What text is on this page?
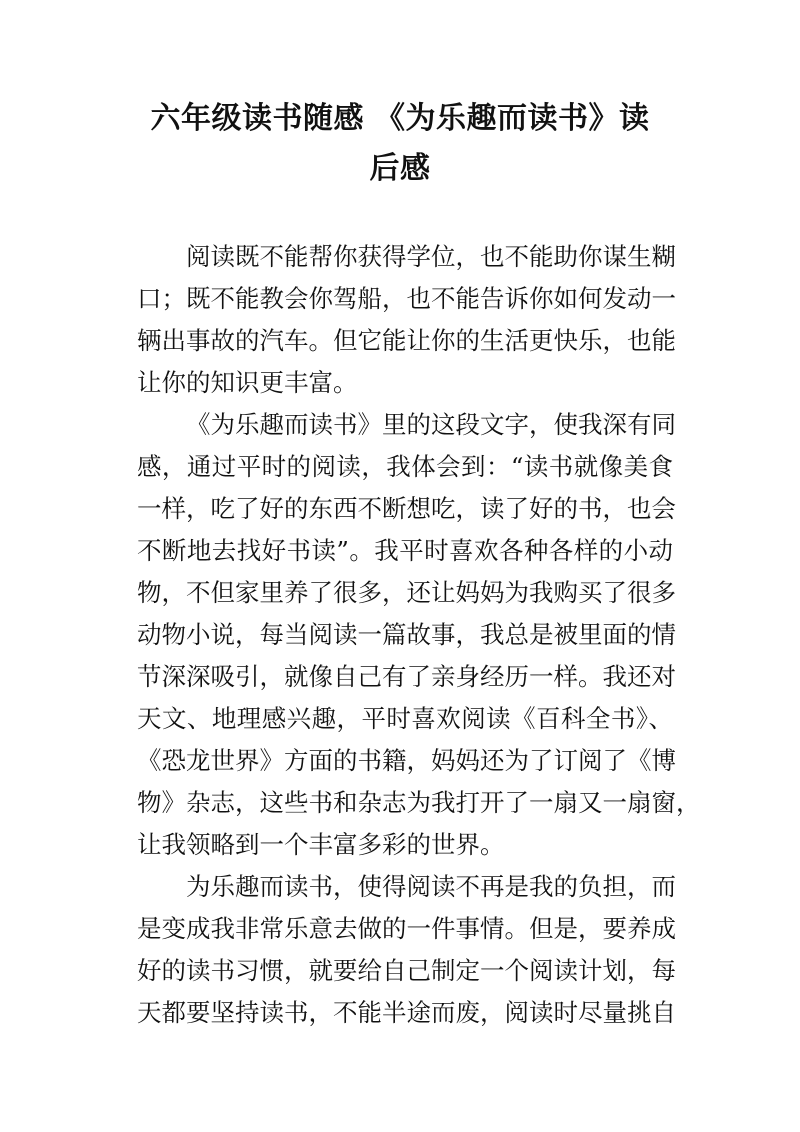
六年级读书随感 《为乐趣而读书》读
后感

阅读既不能帮你获得学位，也不能助你谋生糊
口；既不能教会你驾船，也不能告诉你如何发动一
辆出事故的汽车。但它能让你的生活更快乐，也能
让你的知识更丰富。

《为乐趣而读书》里的这段文字，使我深有同
感，通过平时的阅读，我体会到：“读书就像美食
一样，吃了好的东西不断想吃，读了好的书，也会
不断地去找好书读”。我平时喜欢各种各样的小动
物，不但家里养了很多，还让妈妈为我购买了很多
动物小说，每当阅读一篇故事，我总是被里面的情
节深深吸引，就像自己有了亲身经历一样。我还对
天文、地理感兴趣，平时喜欢阅读《百科全书》、
《恐龙世界》方面的书籍，妈妈还为了订阅了《博
物》杂志，这些书和杂志为我打开了一扇又一扇窗，
让我领略到一个丰富多彩的世界。

为乐趣而读书，使得阅读不再是我的负担，而
是变成我非常乐意去做的一件事情。但是，要养成
好的读书习惯，就要给自己制定一个阅读计划，每
天都要坚持读书，不能半途而废，阅读时尽量挑自
